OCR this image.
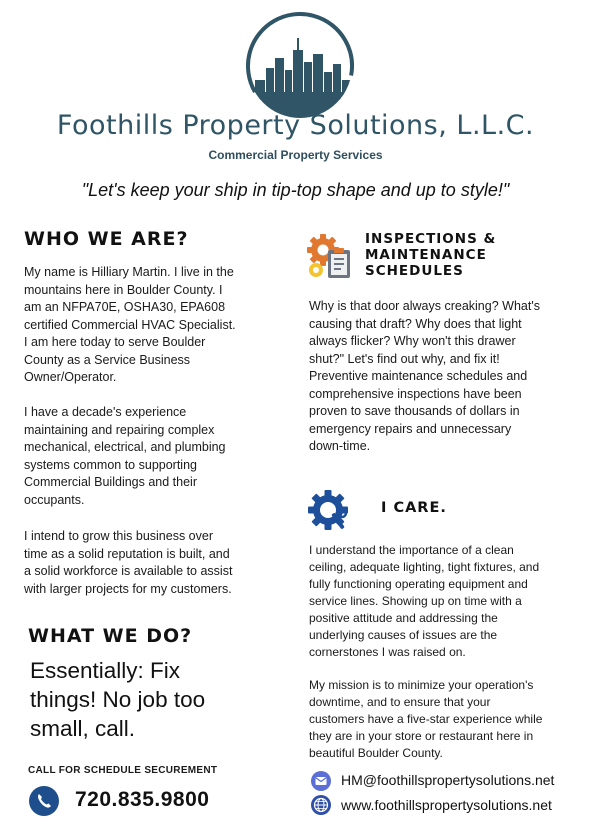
Foothills Property Solutions, L.L.C.
Commercial Property Services
"Let's keep your ship in tip-top shape and up to style!"
WHO WE ARE?
My name is Hilliary Martin. I live in the
mountains here in Boulder County. I
am an NFPA70E, OSHA30, EPA608
certified Commercial HVAC Specialist.
I am here today to serve Boulder
County as a Service Business
Owner/Operator.
I have a decade's experience
maintaining and repairing complex
mechanical, electrical, and plumbing
systems common to supporting
Commercial Buildings and their
occupants.
I intend to grow this business over
time as a solid reputation is built, and
a solid workforce is available to assist
with larger projects for my customers.
WHAT WE DO?
Essentially: Fix
things! No job too
small, call.
CALL FOR SCHEDULE SECUREMENT
720.835.9800
INSPECTIONS &
MAINTENANCE
SCHEDULES
Why is that door always creaking? What's
causing that draft? Why does that light
always flicker? Why won't this drawer
shut?" Let's find out why, and fix it!
Preventive maintenance schedules and
comprehensive inspections have been
proven to save thousands of dollars in
emergency repairs and unnecessary
down-time.
I CARE.
I understand the importance of a clean
ceiling, adequate lighting, tight fixtures, and
fully functioning operating equipment and
service lines. Showing up on time with a
positive attitude and addressing the
underlying causes of issues are the
cornerstones I was raised on.
My mission is to minimize your operation's
downtime, and to ensure that your
customers have a five-star experience while
they are in your store or restaurant here in
beautiful Boulder County.
HM@foothillspropertysolutions.net
www.foothillspropertysolutions.net
